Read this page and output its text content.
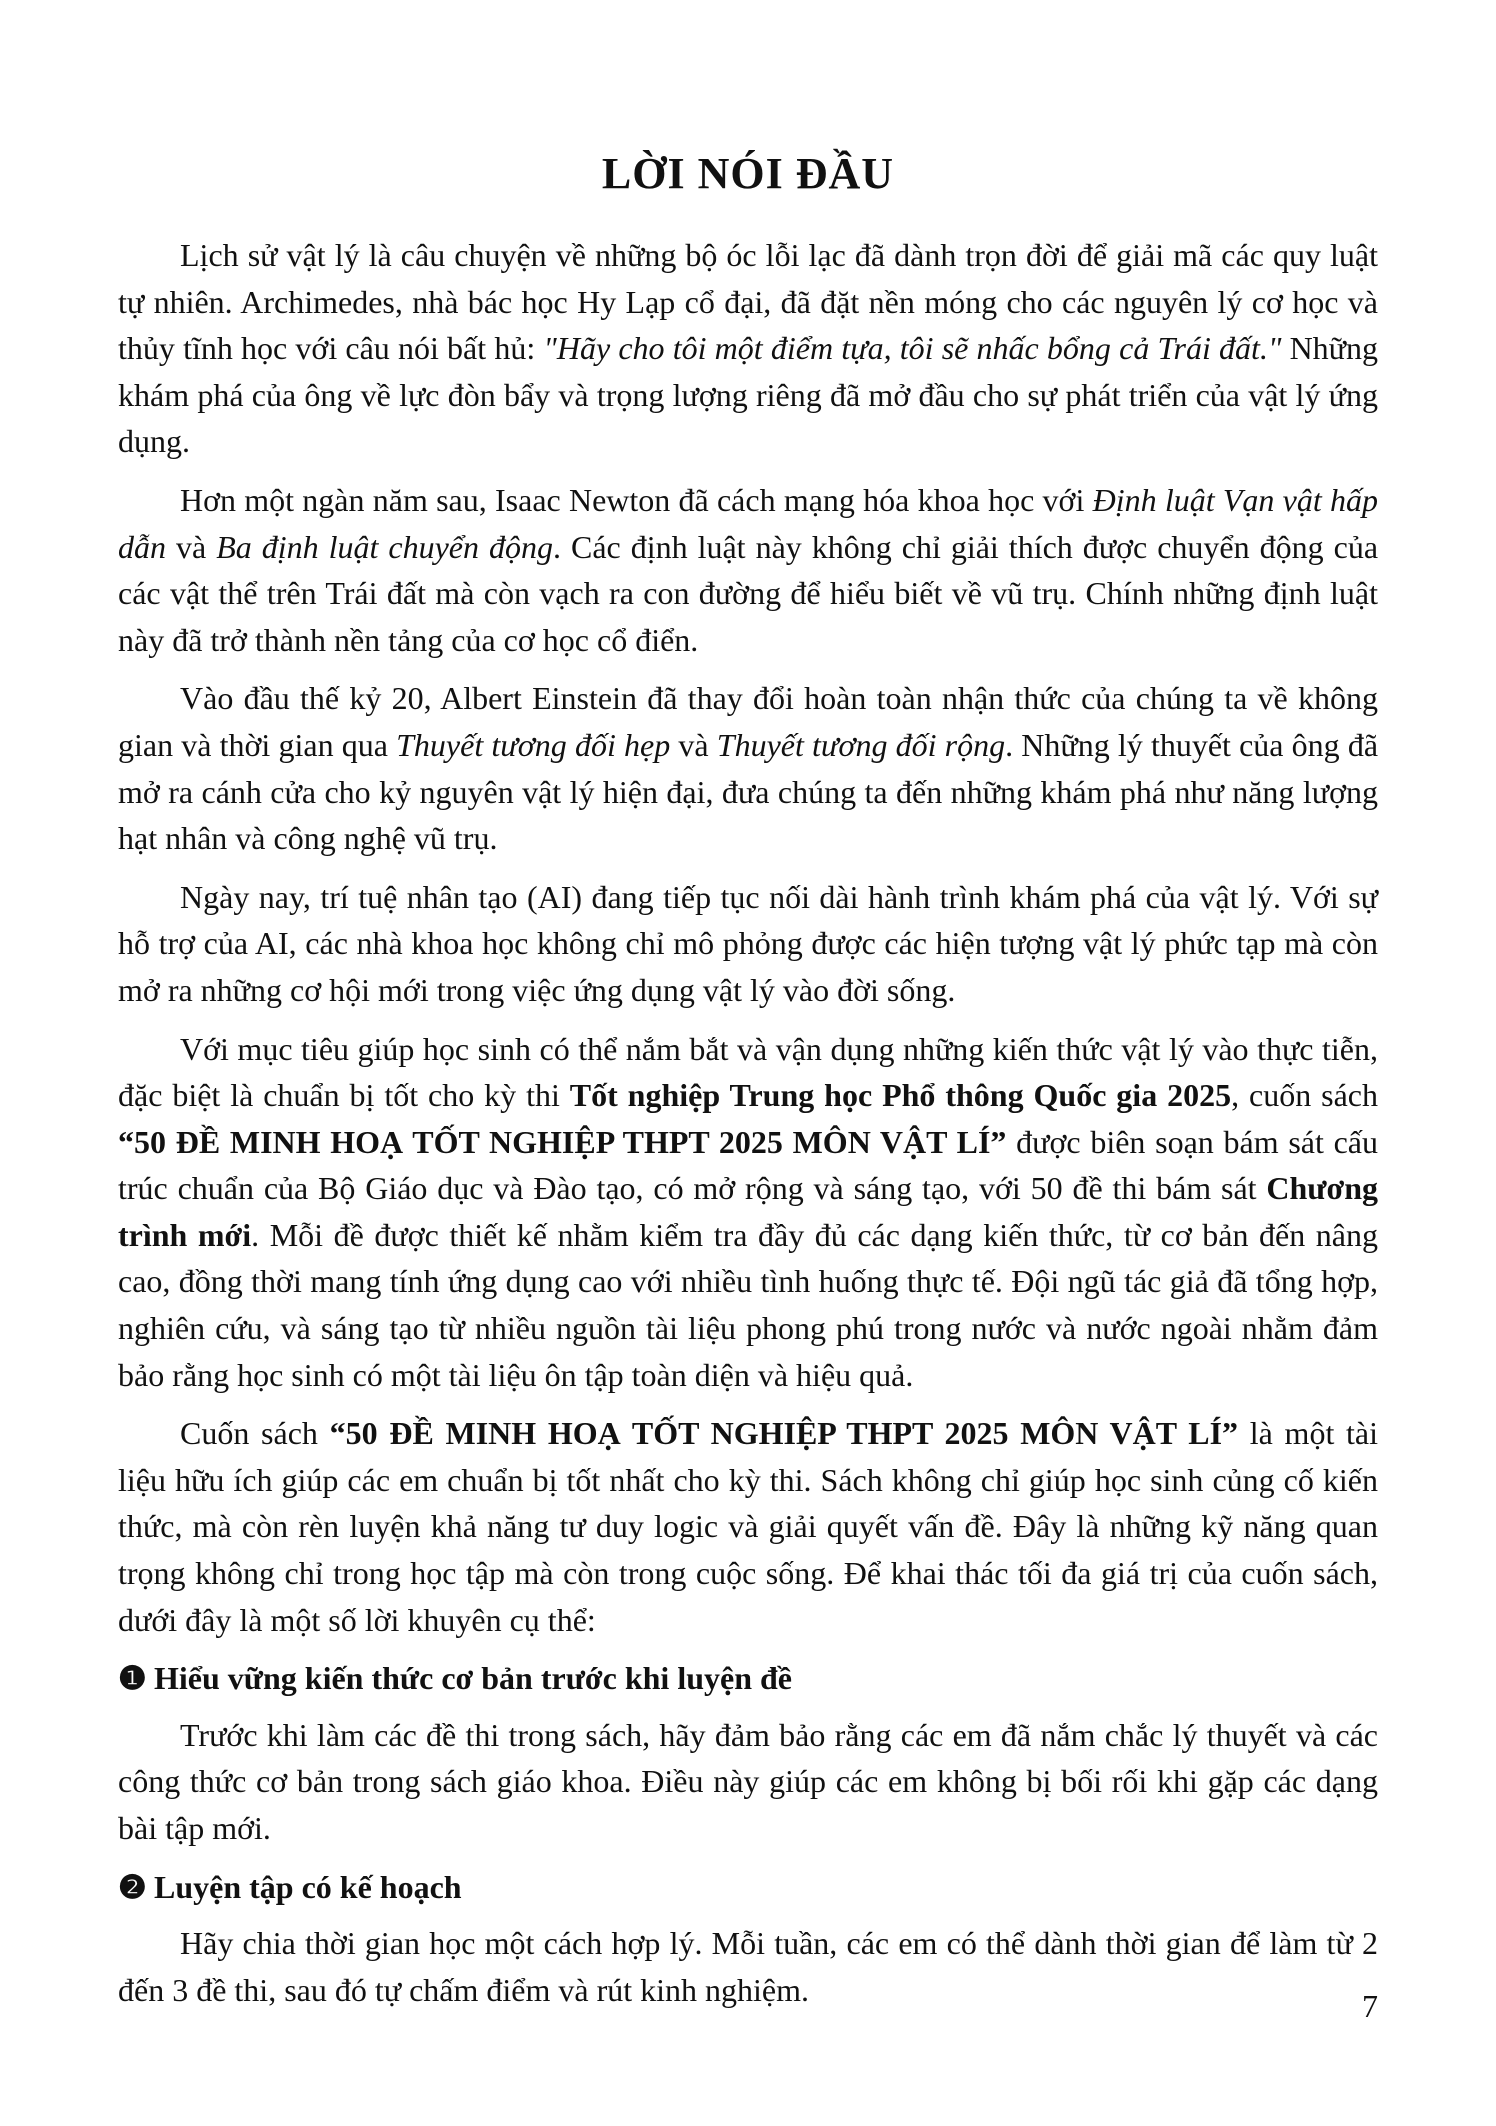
LỜI NÓI ĐẦU

Lịch sử vật lý là câu chuyện về những bộ óc lỗi lạc đã dành trọn đời để giải mã các quy luật tự nhiên. Archimedes, nhà bác học Hy Lạp cổ đại, đã đặt nền móng cho các nguyên lý cơ học và thủy tĩnh học với câu nói bất hủ: "Hãy cho tôi một điểm tựa, tôi sẽ nhấc bổng cả Trái đất." Những khám phá của ông về lực đòn bẩy và trọng lượng riêng đã mở đầu cho sự phát triển của vật lý ứng dụng.

Hơn một ngàn năm sau, Isaac Newton đã cách mạng hóa khoa học với Định luật Vạn vật hấp dẫn và Ba định luật chuyển động. Các định luật này không chỉ giải thích được chuyển động của các vật thể trên Trái đất mà còn vạch ra con đường để hiểu biết về vũ trụ. Chính những định luật này đã trở thành nền tảng của cơ học cổ điển.

Vào đầu thế kỷ 20, Albert Einstein đã thay đổi hoàn toàn nhận thức của chúng ta về không gian và thời gian qua Thuyết tương đối hẹp và Thuyết tương đối rộng. Những lý thuyết của ông đã mở ra cánh cửa cho kỷ nguyên vật lý hiện đại, đưa chúng ta đến những khám phá như năng lượng hạt nhân và công nghệ vũ trụ.

Ngày nay, trí tuệ nhân tạo (AI) đang tiếp tục nối dài hành trình khám phá của vật lý. Với sự hỗ trợ của AI, các nhà khoa học không chỉ mô phỏng được các hiện tượng vật lý phức tạp mà còn mở ra những cơ hội mới trong việc ứng dụng vật lý vào đời sống.

Với mục tiêu giúp học sinh có thể nắm bắt và vận dụng những kiến thức vật lý vào thực tiễn, đặc biệt là chuẩn bị tốt cho kỳ thi Tốt nghiệp Trung học Phổ thông Quốc gia 2025, cuốn sách “50 ĐỀ MINH HOẠ TỐT NGHIỆP THPT 2025 MÔN VẬT LÍ” được biên soạn bám sát cấu trúc chuẩn của Bộ Giáo dục và Đào tạo, có mở rộng và sáng tạo, với 50 đề thi bám sát Chương trình mới. Mỗi đề được thiết kế nhằm kiểm tra đầy đủ các dạng kiến thức, từ cơ bản đến nâng cao, đồng thời mang tính ứng dụng cao với nhiều tình huống thực tế. Đội ngũ tác giả đã tổng hợp, nghiên cứu, và sáng tạo từ nhiều nguồn tài liệu phong phú trong nước và nước ngoài nhằm đảm bảo rằng học sinh có một tài liệu ôn tập toàn diện và hiệu quả.

Cuốn sách “50 ĐỀ MINH HOẠ TỐT NGHIỆP THPT 2025 MÔN VẬT LÍ” là một tài liệu hữu ích giúp các em chuẩn bị tốt nhất cho kỳ thi. Sách không chỉ giúp học sinh củng cố kiến thức, mà còn rèn luyện khả năng tư duy logic và giải quyết vấn đề. Đây là những kỹ năng quan trọng không chỉ trong học tập mà còn trong cuộc sống. Để khai thác tối đa giá trị của cuốn sách, dưới đây là một số lời khuyên cụ thể:

❶ Hiểu vững kiến thức cơ bản trước khi luyện đề

Trước khi làm các đề thi trong sách, hãy đảm bảo rằng các em đã nắm chắc lý thuyết và các công thức cơ bản trong sách giáo khoa. Điều này giúp các em không bị bối rối khi gặp các dạng bài tập mới.

❷ Luyện tập có kế hoạch

Hãy chia thời gian học một cách hợp lý. Mỗi tuần, các em có thể dành thời gian để làm từ 2 đến 3 đề thi, sau đó tự chấm điểm và rút kinh nghiệm.	7
